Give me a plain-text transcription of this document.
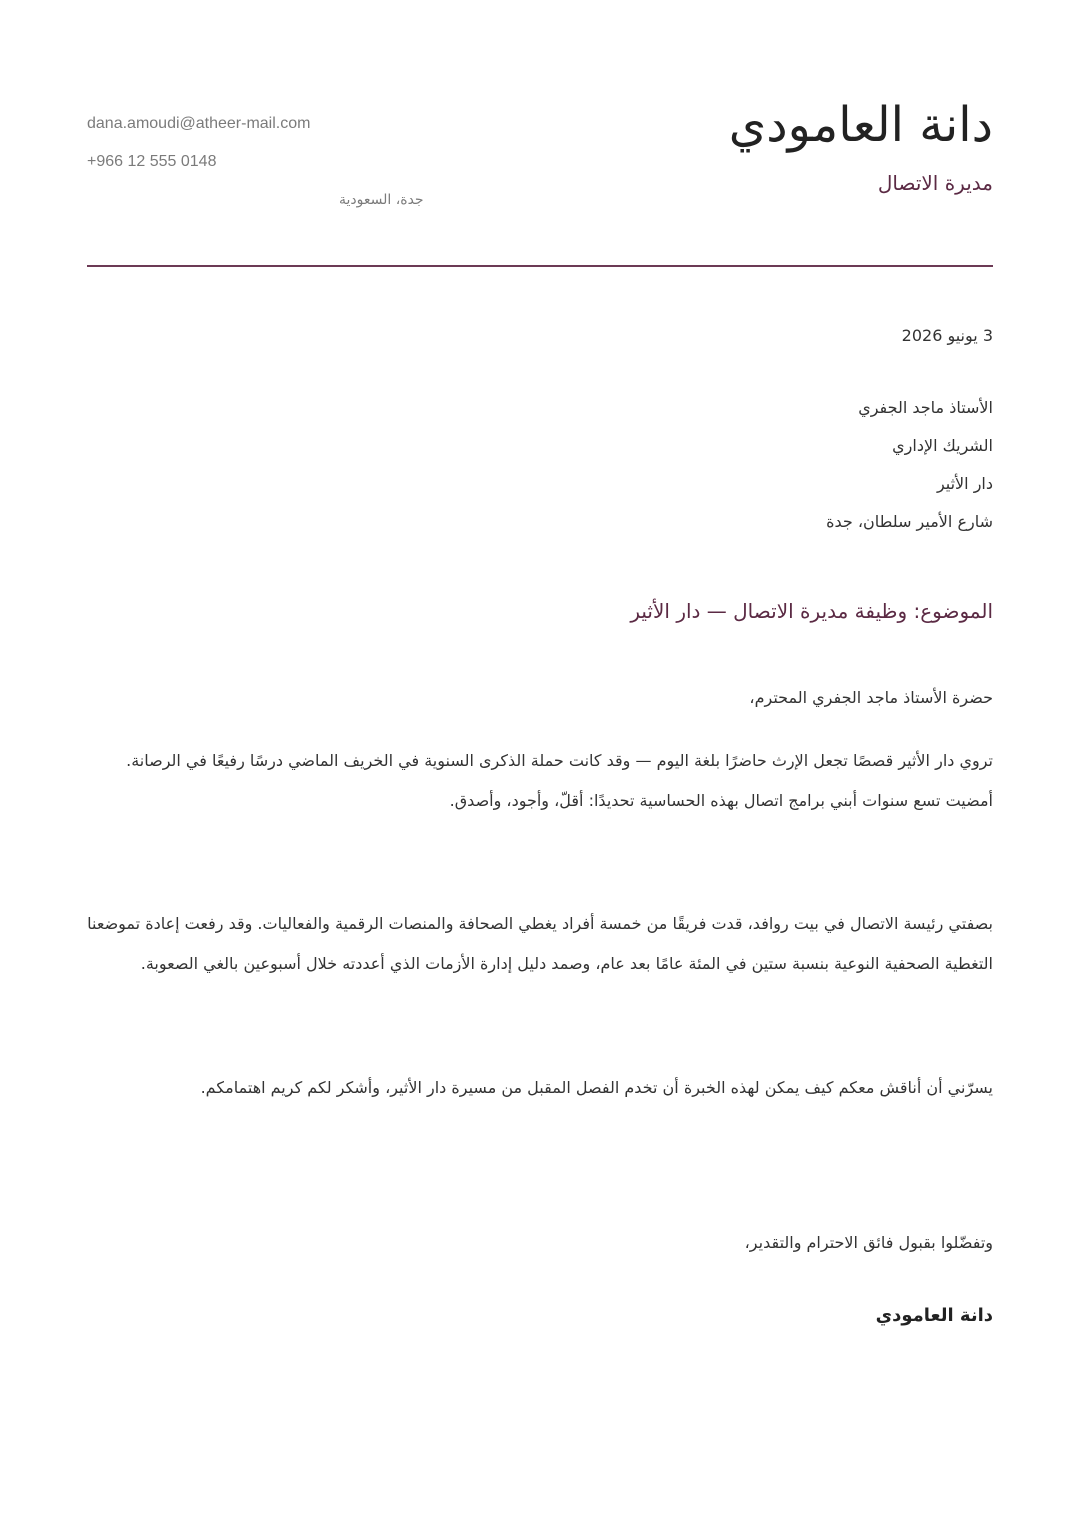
دانة العامودي
مديرة الاتصال
dana.amoudi@atheer-mail.com
+966 12 555 0148
جدة، السعودية
3 يونيو 2026
الأستاذ ماجد الجفري
الشريك الإداري
دار الأثير
شارع الأمير سلطان، جدة
الموضوع: وظيفة مديرة الاتصال — دار الأثير
حضرة الأستاذ ماجد الجفري المحترم،

تروي دار الأثير قصصًا تجعل الإرث حاضرًا بلغة اليوم — وقد كانت حملة الذكرى السنوية في الخريف الماضي درسًا رفيعًا في الرصانة. أمضيت تسع سنوات أبني برامج اتصال بهذه الحساسية تحديدًا: أقلّ، وأجود، وأصدق.

بصفتي رئيسة الاتصال في بيت روافد، قدت فريقًا من خمسة أفراد يغطي الصحافة والمنصات الرقمية والفعاليات. وقد رفعت إعادة تموضعنا التغطية الصحفية النوعية بنسبة ستين في المئة عامًا بعد عام، وصمد دليل إدارة الأزمات الذي أعددته خلال أسبوعين بالغي الصعوبة.

يسرّني أن أناقش معكم كيف يمكن لهذه الخبرة أن تخدم الفصل المقبل من مسيرة دار الأثير، وأشكر لكم كريم اهتمامكم.

وتفضّلوا بقبول فائق الاحترام والتقدير،
دانة العامودي
